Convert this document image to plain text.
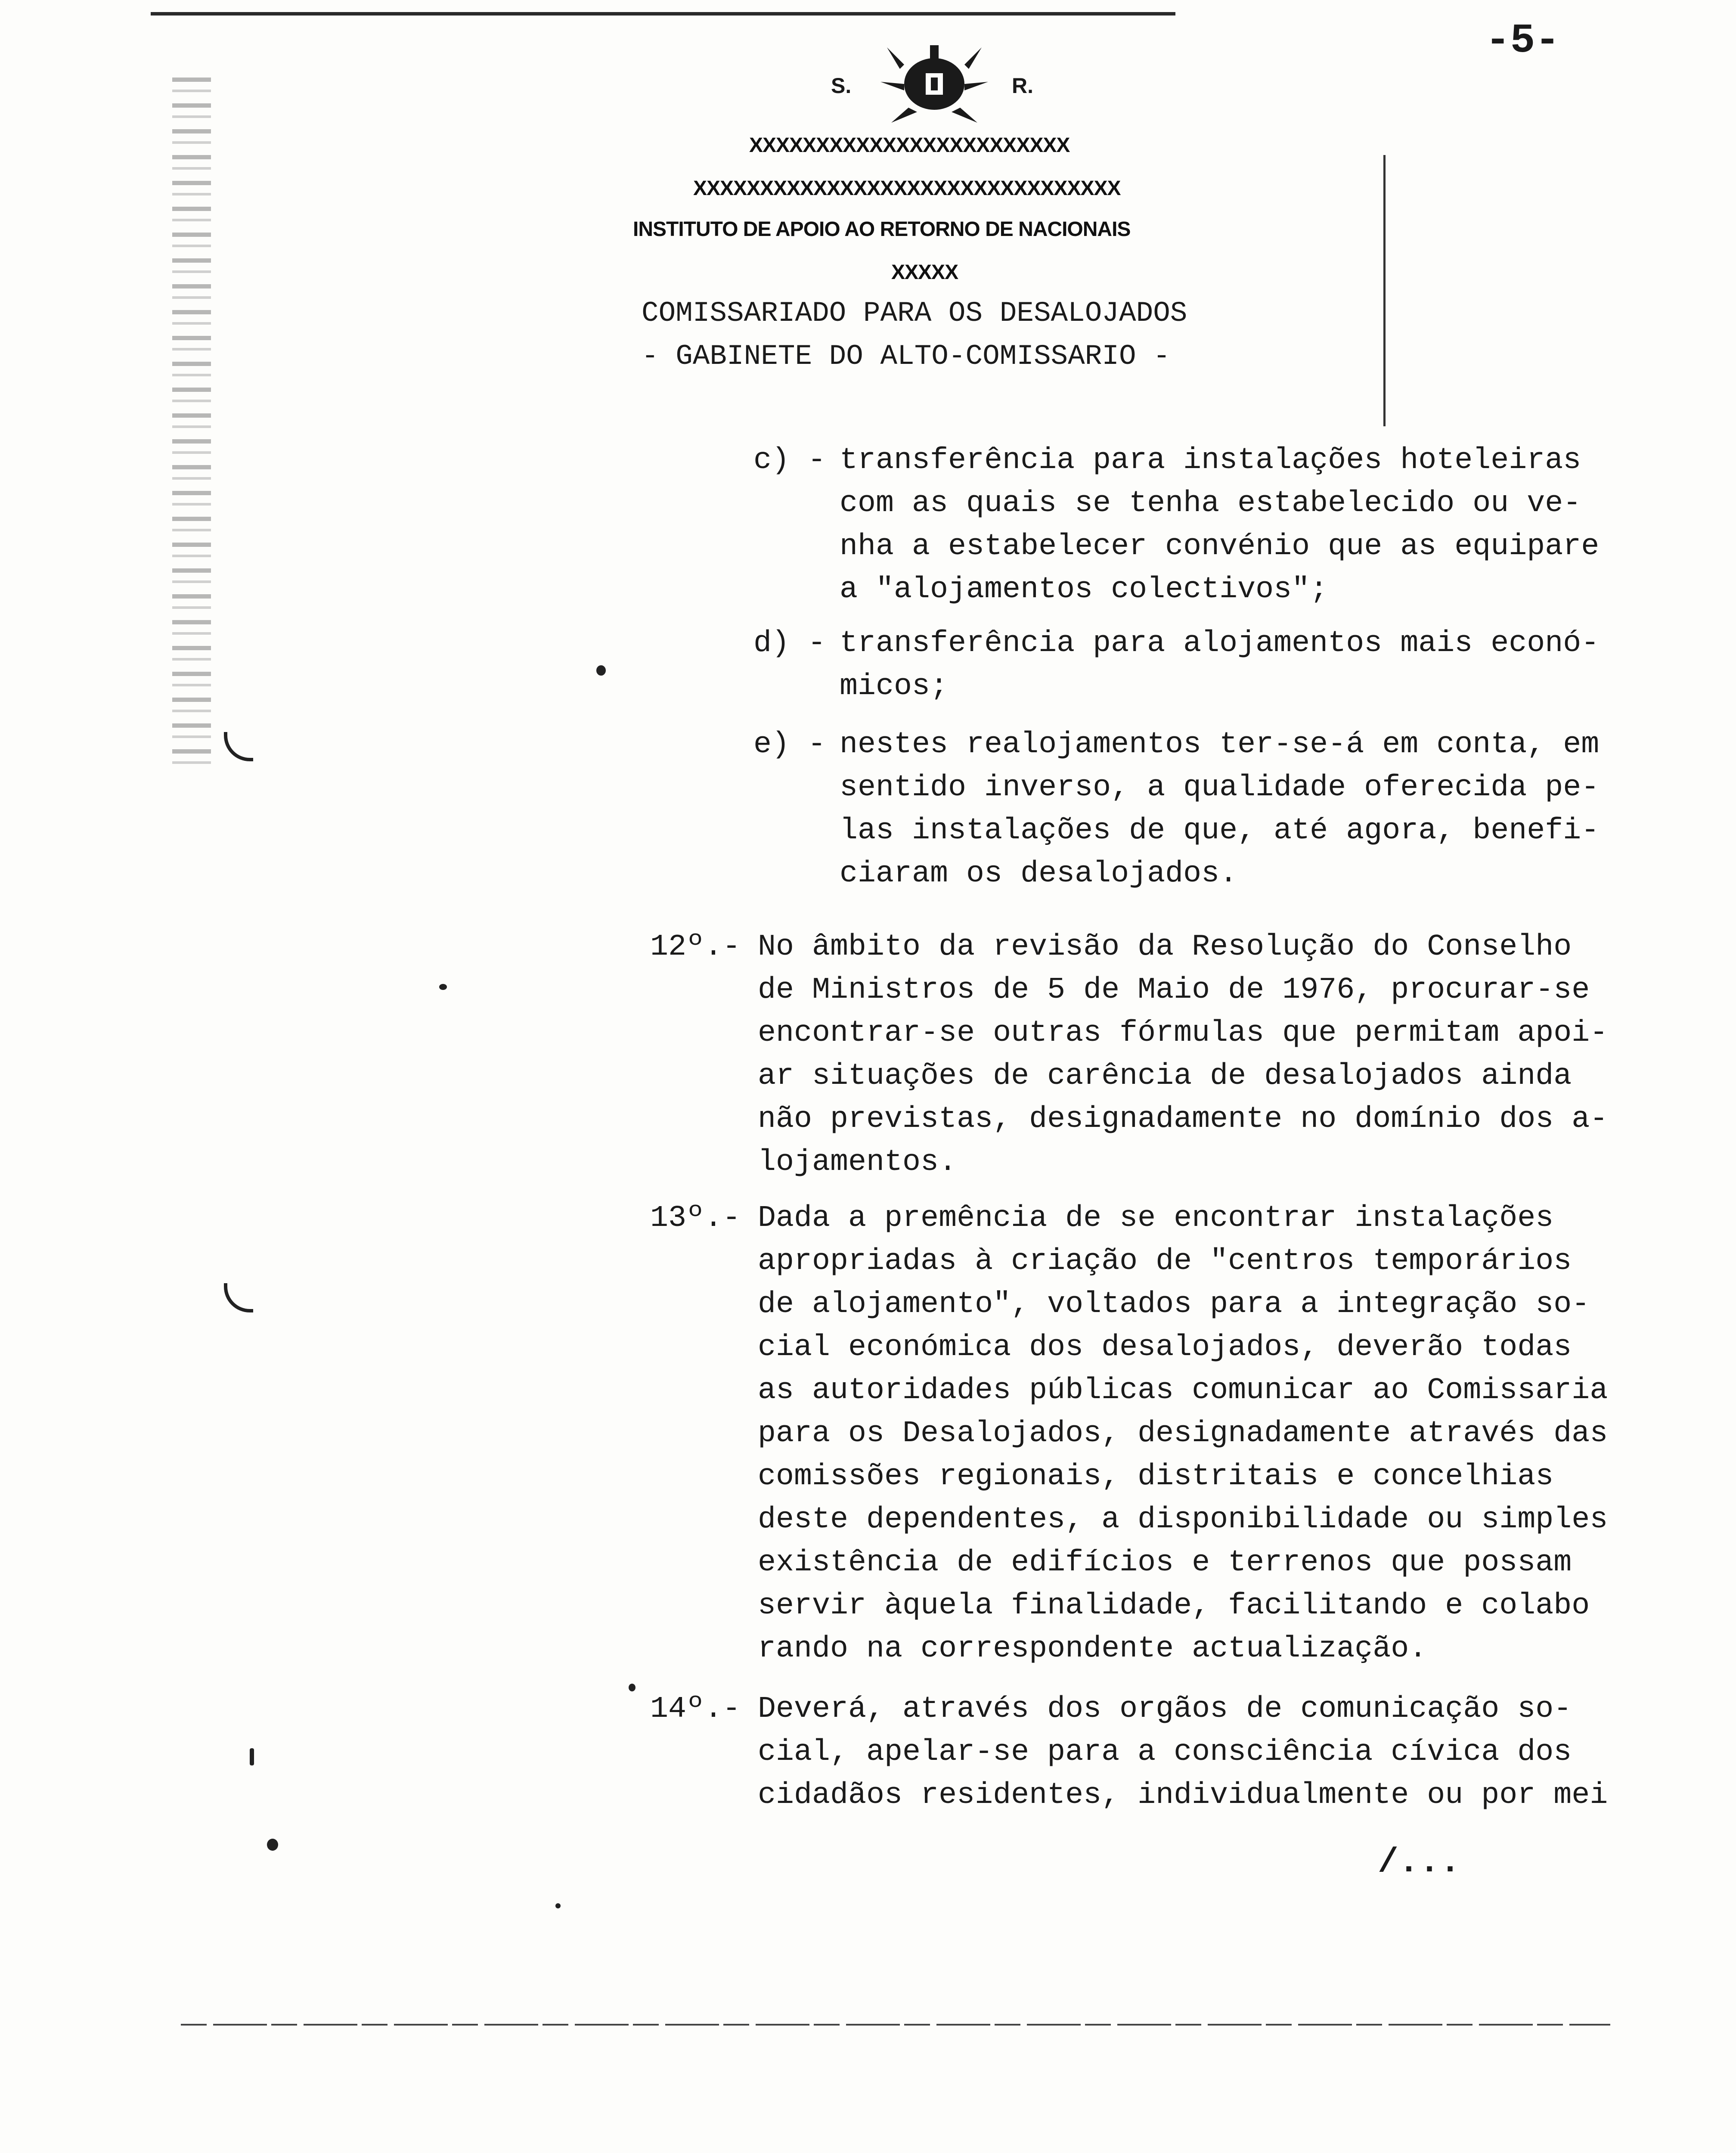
-5-
S.	R.
XXXXXXXXXXXXXXXXXXXXXXXX
XXXXXXXXXXXXXXXXXXXXXXXXXXXXXXXX
INSTITUTO DE APOIO AO RETORNO DE NACIONAIS
XXXXX
COMISSARIADO PARA OS DESALOJADOS
- GABINETE DO ALTO-COMISSARIO -
c) - transferência para instalações hoteleiras
com as quais se tenha estabelecido ou ve-
nha a estabelecer convénio que as equipare
a "alojamentos colectivos";
d) - transferência para alojamentos mais econó-
micos;
e) - nestes realojamentos ter-se-á em conta, em
sentido inverso, a qualidade oferecida pe-
las instalações de que, até agora, benefi-
ciaram os desalojados.
12º.- No âmbito da revisão da Resolução do Conselho
de Ministros de 5 de Maio de 1976, procurar-se
encontrar-se outras fórmulas que permitam apoi-
ar situações de carência de desalojados ainda
não previstas, designadamente no domínio dos a-
lojamentos.
13º.- Dada a premência de se encontrar instalações
apropriadas à criação de "centros temporários
de alojamento", voltados para a integração so-
cial económica dos desalojados, deverão todas
as autoridades públicas comunicar ao Comissaria
para os Desalojados, designadamente através das
comissões regionais, distritais e concelhias
deste dependentes, a disponibilidade ou simples
existência de edifícios e terrenos que possam
servir àquela finalidade, facilitando e colabo
rando na correspondente actualização.
14º.- Deverá, através dos orgãos de comunicação so-
cial, apelar-se para a consciência cívica dos
cidadãos residentes, individualmente ou por mei
/...
